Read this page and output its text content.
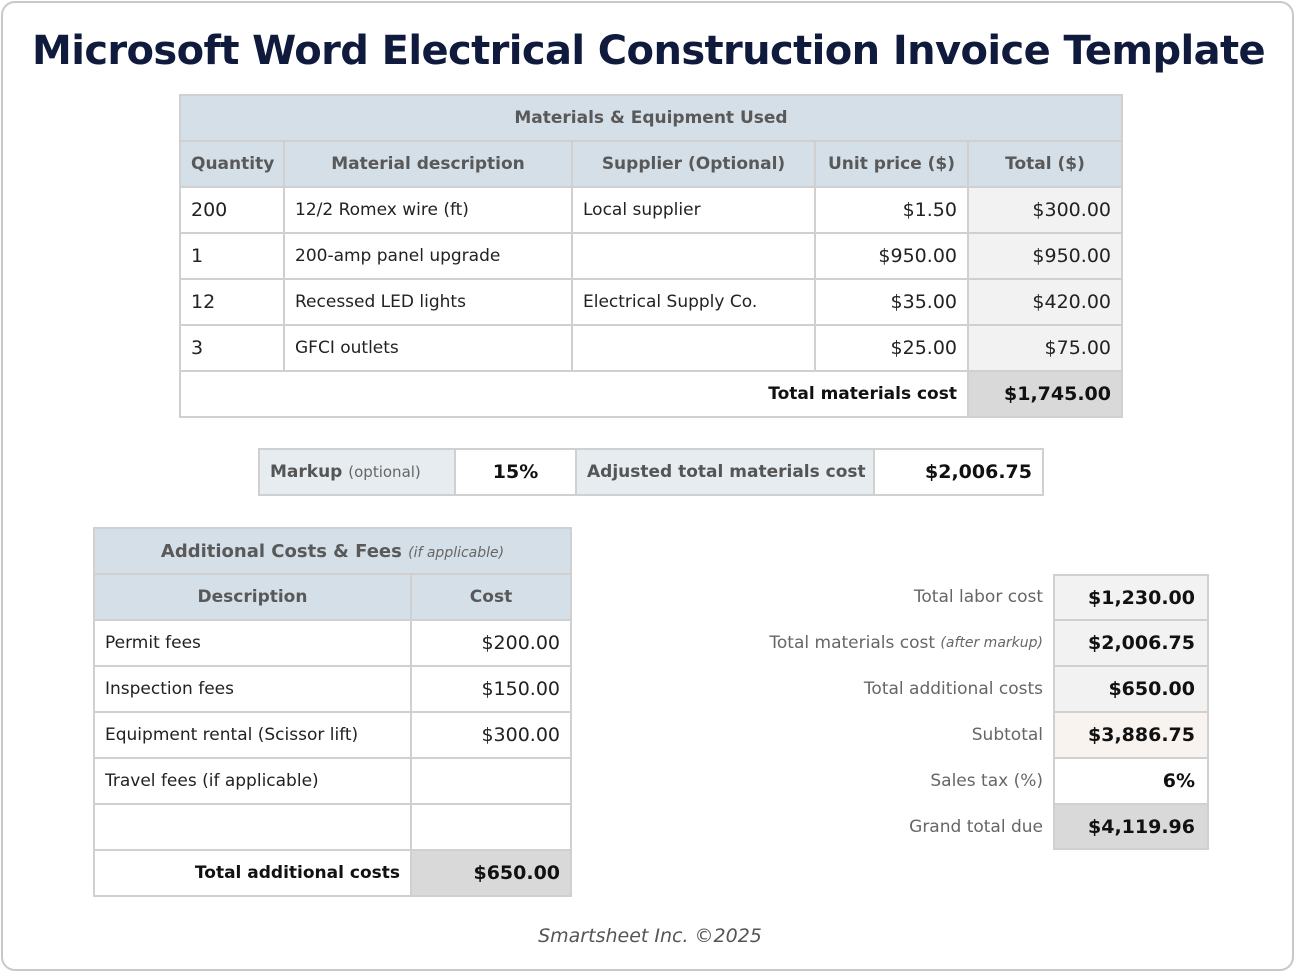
Microsoft Word Electrical Construction Invoice Template
Materials & Equipment Used				
Quantity	Material description	Supplier (Optional)	Unit price ($)	Total ($)
200	12/2 Romex wire (ft)	Local supplier	$1.50	$300.00
1	200-amp panel upgrade		$950.00	$950.00
12	Recessed LED lights	Electrical Supply Co.	$35.00	$420.00
3	GFCI outlets		$25.00	$75.00
Total materials cost				$1,745.00
Markup (optional)	15%	Adjusted total materials cost	$2,006.75
Additional Costs & Fees (if applicable)	
Description	Cost
Permit fees	$200.00
Inspection fees	$150.00
Equipment rental (Scissor lift)	$300.00
Travel fees (if applicable)	

Total additional costs	$650.00
Total labor cost	$1,230.00
Total materials cost
(after markup)	$2,006.75
Total additional costs	$650.00
Subtotal	$3,886.75
Sales tax (%)	6%
Grand total due	$4,119.96
Smartsheet Inc. ©2025
